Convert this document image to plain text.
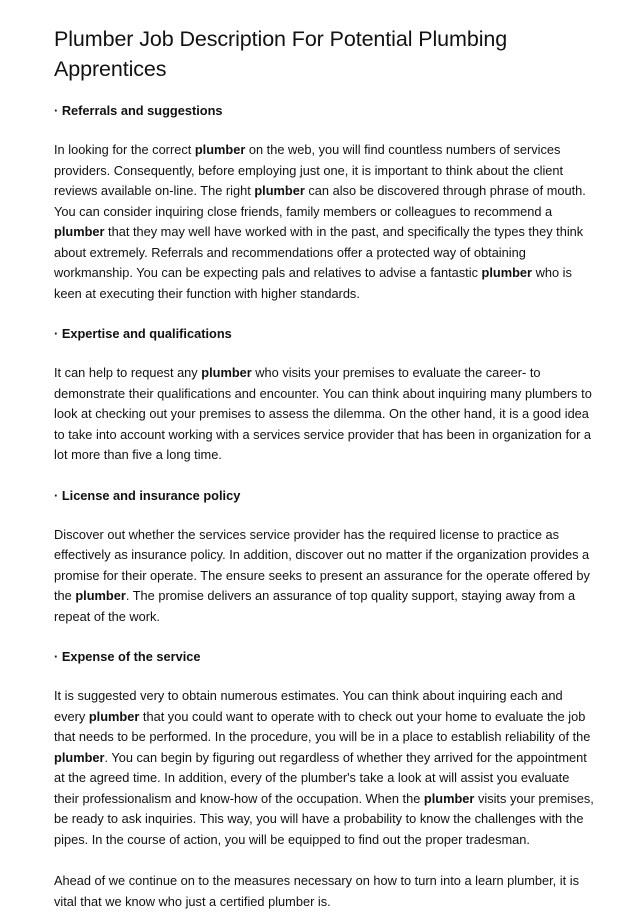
Plumber Job Description For Potential Plumbing Apprentices
· Referrals and suggestions

In looking for the correct plumber on the web, you will find countless numbers of services providers. Consequently, before employing just one, it is important to think about the client reviews available on-line. The right plumber can also be discovered through phrase of mouth. You can consider inquiring close friends, family members or colleagues to recommend a plumber that they may well have worked with in the past, and specifically the types they think about extremely. Referrals and recommendations offer a protected way of obtaining workmanship. You can be expecting pals and relatives to advise a fantastic plumber who is keen at executing their function with higher standards.

· Expertise and qualifications

It can help to request any plumber who visits your premises to evaluate the career- to demonstrate their qualifications and encounter. You can think about inquiring many plumbers to look at checking out your premises to assess the dilemma. On the other hand, it is a good idea to take into account working with a services service provider that has been in organization for a lot more than five a long time.

· License and insurance policy

Discover out whether the services service provider has the required license to practice as effectively as insurance policy. In addition, discover out no matter if the organization provides a promise for their operate. The ensure seeks to present an assurance for the operate offered by the plumber. The promise delivers an assurance of top quality support, staying away from a repeat of the work.

· Expense of the service

It is suggested very to obtain numerous estimates. You can think about inquiring each and every plumber that you could want to operate with to check out your home to evaluate the job that needs to be performed. In the procedure, you will be in a place to establish reliability of the plumber. You can begin by figuring out regardless of whether they arrived for the appointment at the agreed time. In addition, every of the plumber's take a look at will assist you evaluate their professionalism and know-how of the occupation. When the plumber visits your premises, be ready to ask inquiries. This way, you will have a probability to know the challenges with the pipes. In the course of action, you will be equipped to find out the proper tradesman.

Ahead of we continue on to the measures necessary on how to turn into a learn plumber, it is vital that we know who just a certified plumber is.
